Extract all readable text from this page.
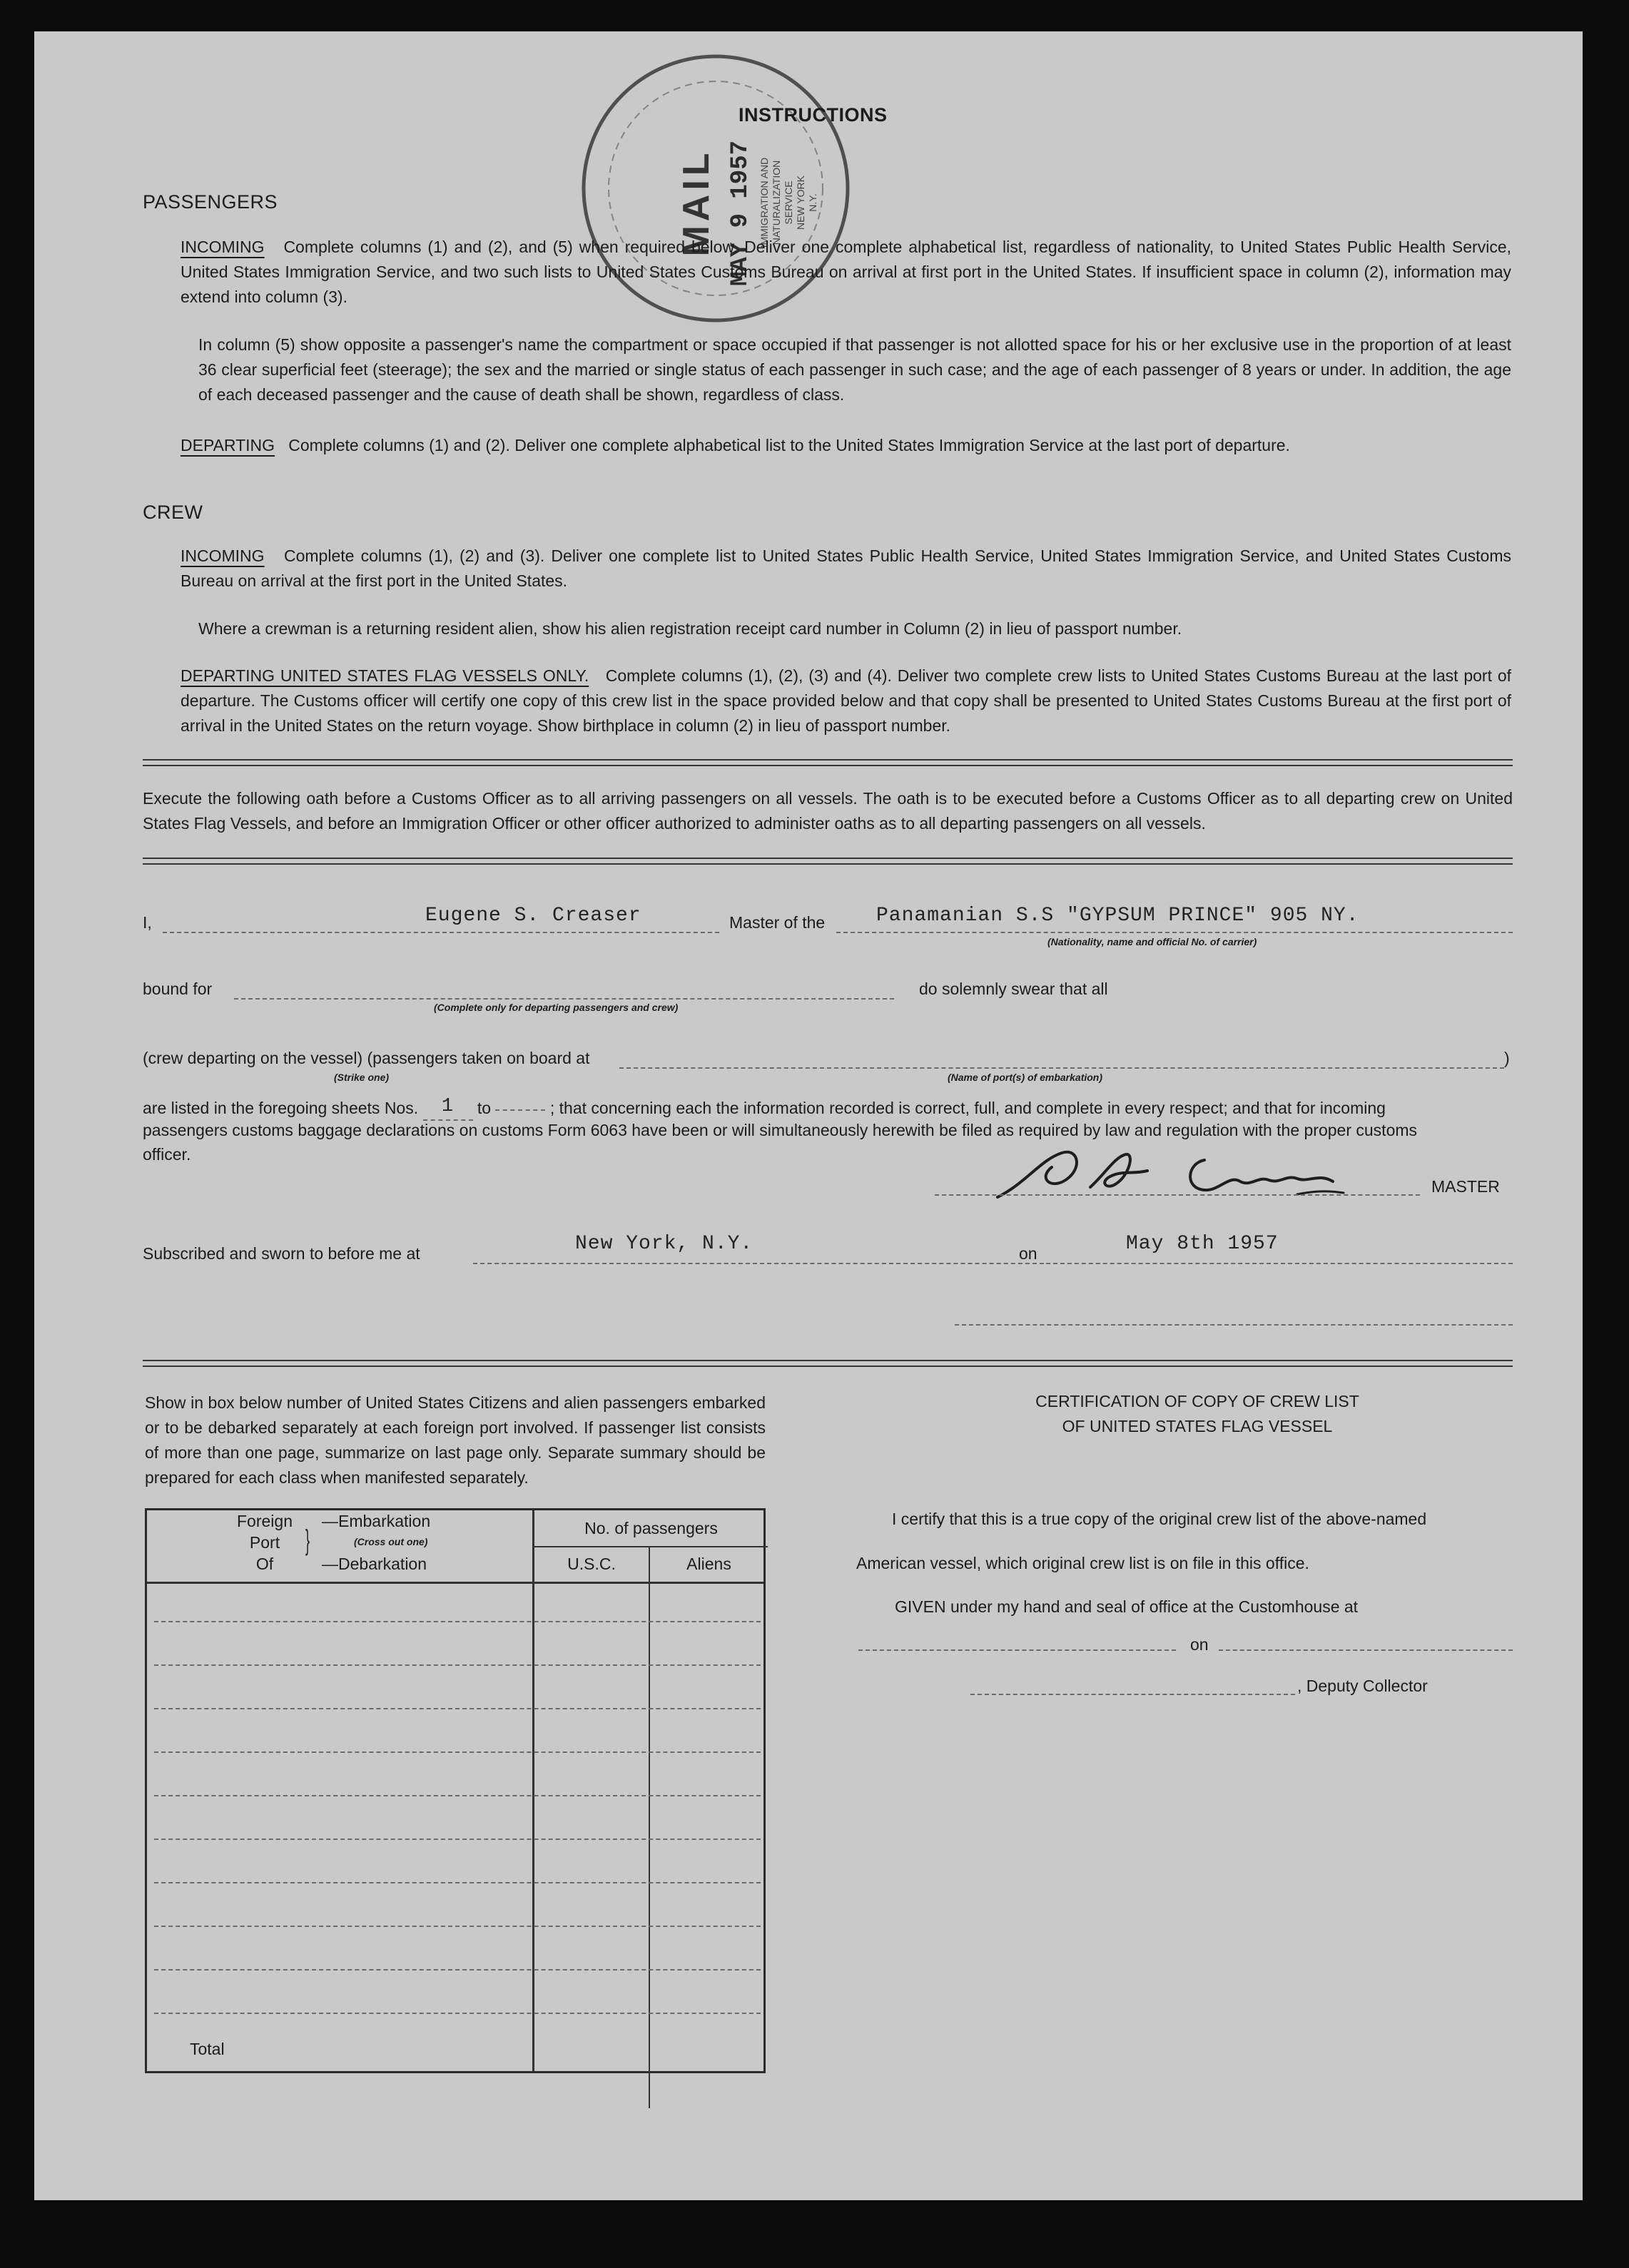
MAIL MAY 9 1957 IMMIGRATION AND NATURALIZATION SERVICE NEW YORK N.Y.
INSTRUCTIONS
PASSENGERS
INCOMING Complete columns (1) and (2), and (5) when required below. Deliver one complete alphabetical list, regardless of nationality, to United States Public Health Service, United States Immigration Service, and two such lists to United States Customs Bureau on arrival at first port in the United States. If insufficient space in column (2), information may extend into column (3).
In column (5) show opposite a passenger's name the compartment or space occupied if that passenger is not allotted space for his or her exclusive use in the proportion of at least 36 clear superficial feet (steerage); the sex and the married or single status of each passenger in such case; and the age of each passenger of 8 years or under. In addition, the age of each deceased passenger and the cause of death shall be shown, regardless of class.
DEPARTING Complete columns (1) and (2). Deliver one complete alphabetical list to the United States Immigration Service at the last port of departure.
CREW
INCOMING Complete columns (1), (2) and (3). Deliver one complete list to United States Public Health Service, United States Immigration Service, and United States Customs Bureau on arrival at the first port in the United States.
Where a crewman is a returning resident alien, show his alien registration receipt card number in Column (2) in lieu of passport number.
DEPARTING UNITED STATES FLAG VESSELS ONLY. Complete columns (1), (2), (3) and (4). Deliver two complete crew lists to United States Customs Bureau at the last port of departure. The Customs officer will certify one copy of this crew list in the space provided below and that copy shall be presented to United States Customs Bureau at the first port of arrival in the United States on the return voyage. Show birthplace in column (2) in lieu of passport number.
Execute the following oath before a Customs Officer as to all arriving passengers on all vessels. The oath is to be executed before a Customs Officer as to all departing crew on United States Flag Vessels, and before an Immigration Officer or other officer authorized to administer oaths as to all departing passengers on all vessels.
I,	Eugene S. Creaser	Master of the	Panamanian S.S "GYPSUM PRINCE" 905 NY.
(Nationality, name and official No. of carrier)
bound for
(Complete only for departing passengers and crew)
do solemnly swear that all
(crew departing on the vessel) (passengers taken on board at	)
(Strike one)	(Name of port(s) of embarkation)
are listed in the foregoing sheets Nos. 1 to	; that concerning each the information recorded is correct, full, and complete in every respect; and that for incoming
passengers customs baggage declarations on customs Form 6063 have been or will simultaneously herewith be filed as required by law and regulation with the proper customs
officer.
MASTER
Subscribed and sworn to before me at	New York, N.Y.	on	May 8th 1957
Show in box below number of United States Citizens and alien passengers embarked or to be debarked separately at each foreign port involved. If passenger list consists of more than one page, summarize on last page only. Separate summary should be prepared for each class when manifested separately.
Foreign
Port
Of
}
—Embarkation
(Cross out one)
—Debarkation
No. of passengers
U.S.C.	Aliens
Total
CERTIFICATION OF COPY OF CREW LIST
OF UNITED STATES FLAG VESSEL
I certify that this is a true copy of the original crew list of the above-named
American vessel, which original crew list is on file in this office.
GIVEN under my hand and seal of office at the Customhouse at
on
, Deputy Collector
